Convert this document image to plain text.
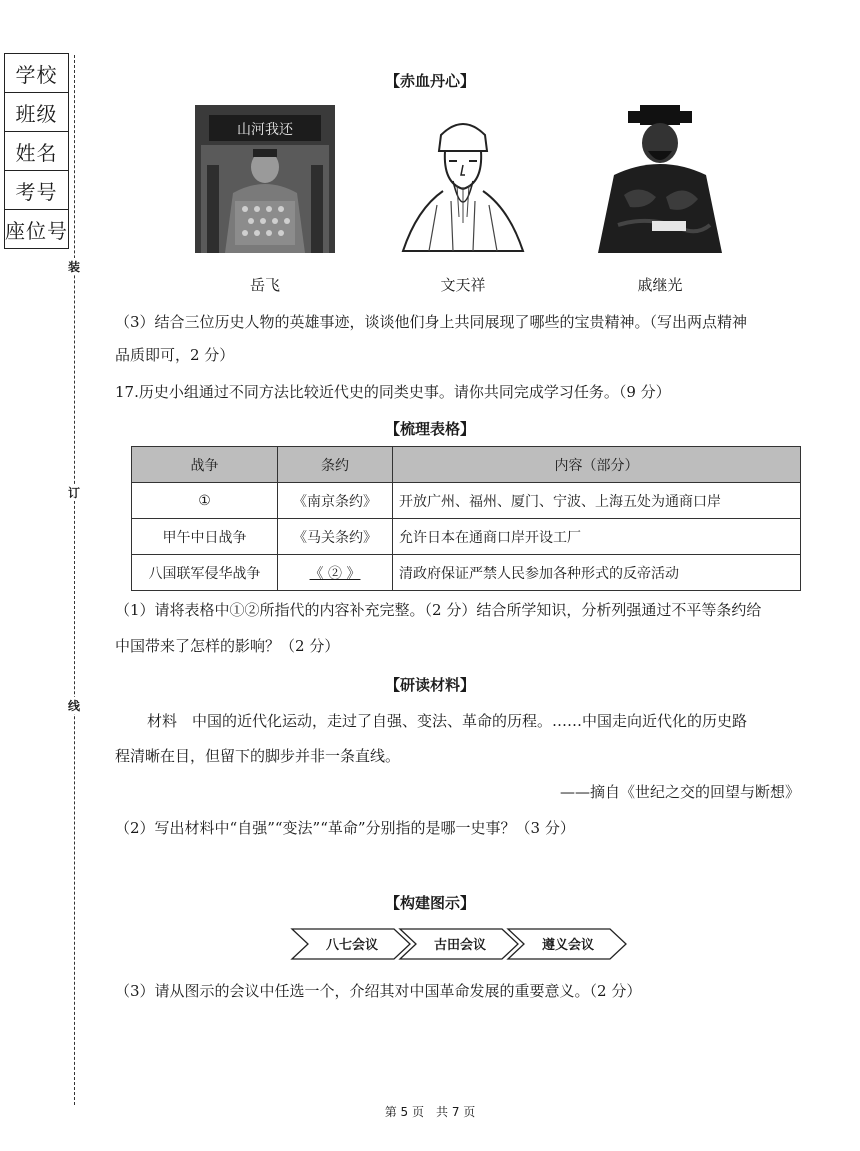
学校
班级
姓名
考号
座位号
装
订
线
【赤血丹心】
山河我还
岳飞	文天祥	戚继光
（3）结合三位历史人物的英雄事迹，谈谈他们身上共同展现了哪些的宝贵精神。（写出两点精神
品质即可，2 分）
17.历史小组通过不同方法比较近代史的同类史事。请你共同完成学习任务。（9 分）
【梳理表格】
战争	条约	内容（部分）
①	《南京条约》	开放广州、福州、厦门、宁波、上海五处为通商口岸
甲午中日战争	《马关条约》	允许日本在通商口岸开设工厂
八国联军侵华战争	《 ② 》	清政府保证严禁人民参加各种形式的反帝活动
（1）请将表格中①②所指代的内容补充完整。（2 分）结合所学知识，分析列强通过不平等条约给
中国带来了怎样的影响？（2 分）
【研读材料】
材料　中国的近代化运动，走过了自强、变法、革命的历程。……中国走向近代化的历史路
程清晰在目，但留下的脚步并非一条直线。
——摘自《世纪之交的回望与断想》
（2）写出材料中“自强”“变法”“革命”分别指的是哪一史事？（3 分）
【构建图示】
八七会议	古田会议	遵义会议
（3）请从图示的会议中任选一个，介绍其对中国革命发展的重要意义。（2 分）
第 5 页　共 7 页
